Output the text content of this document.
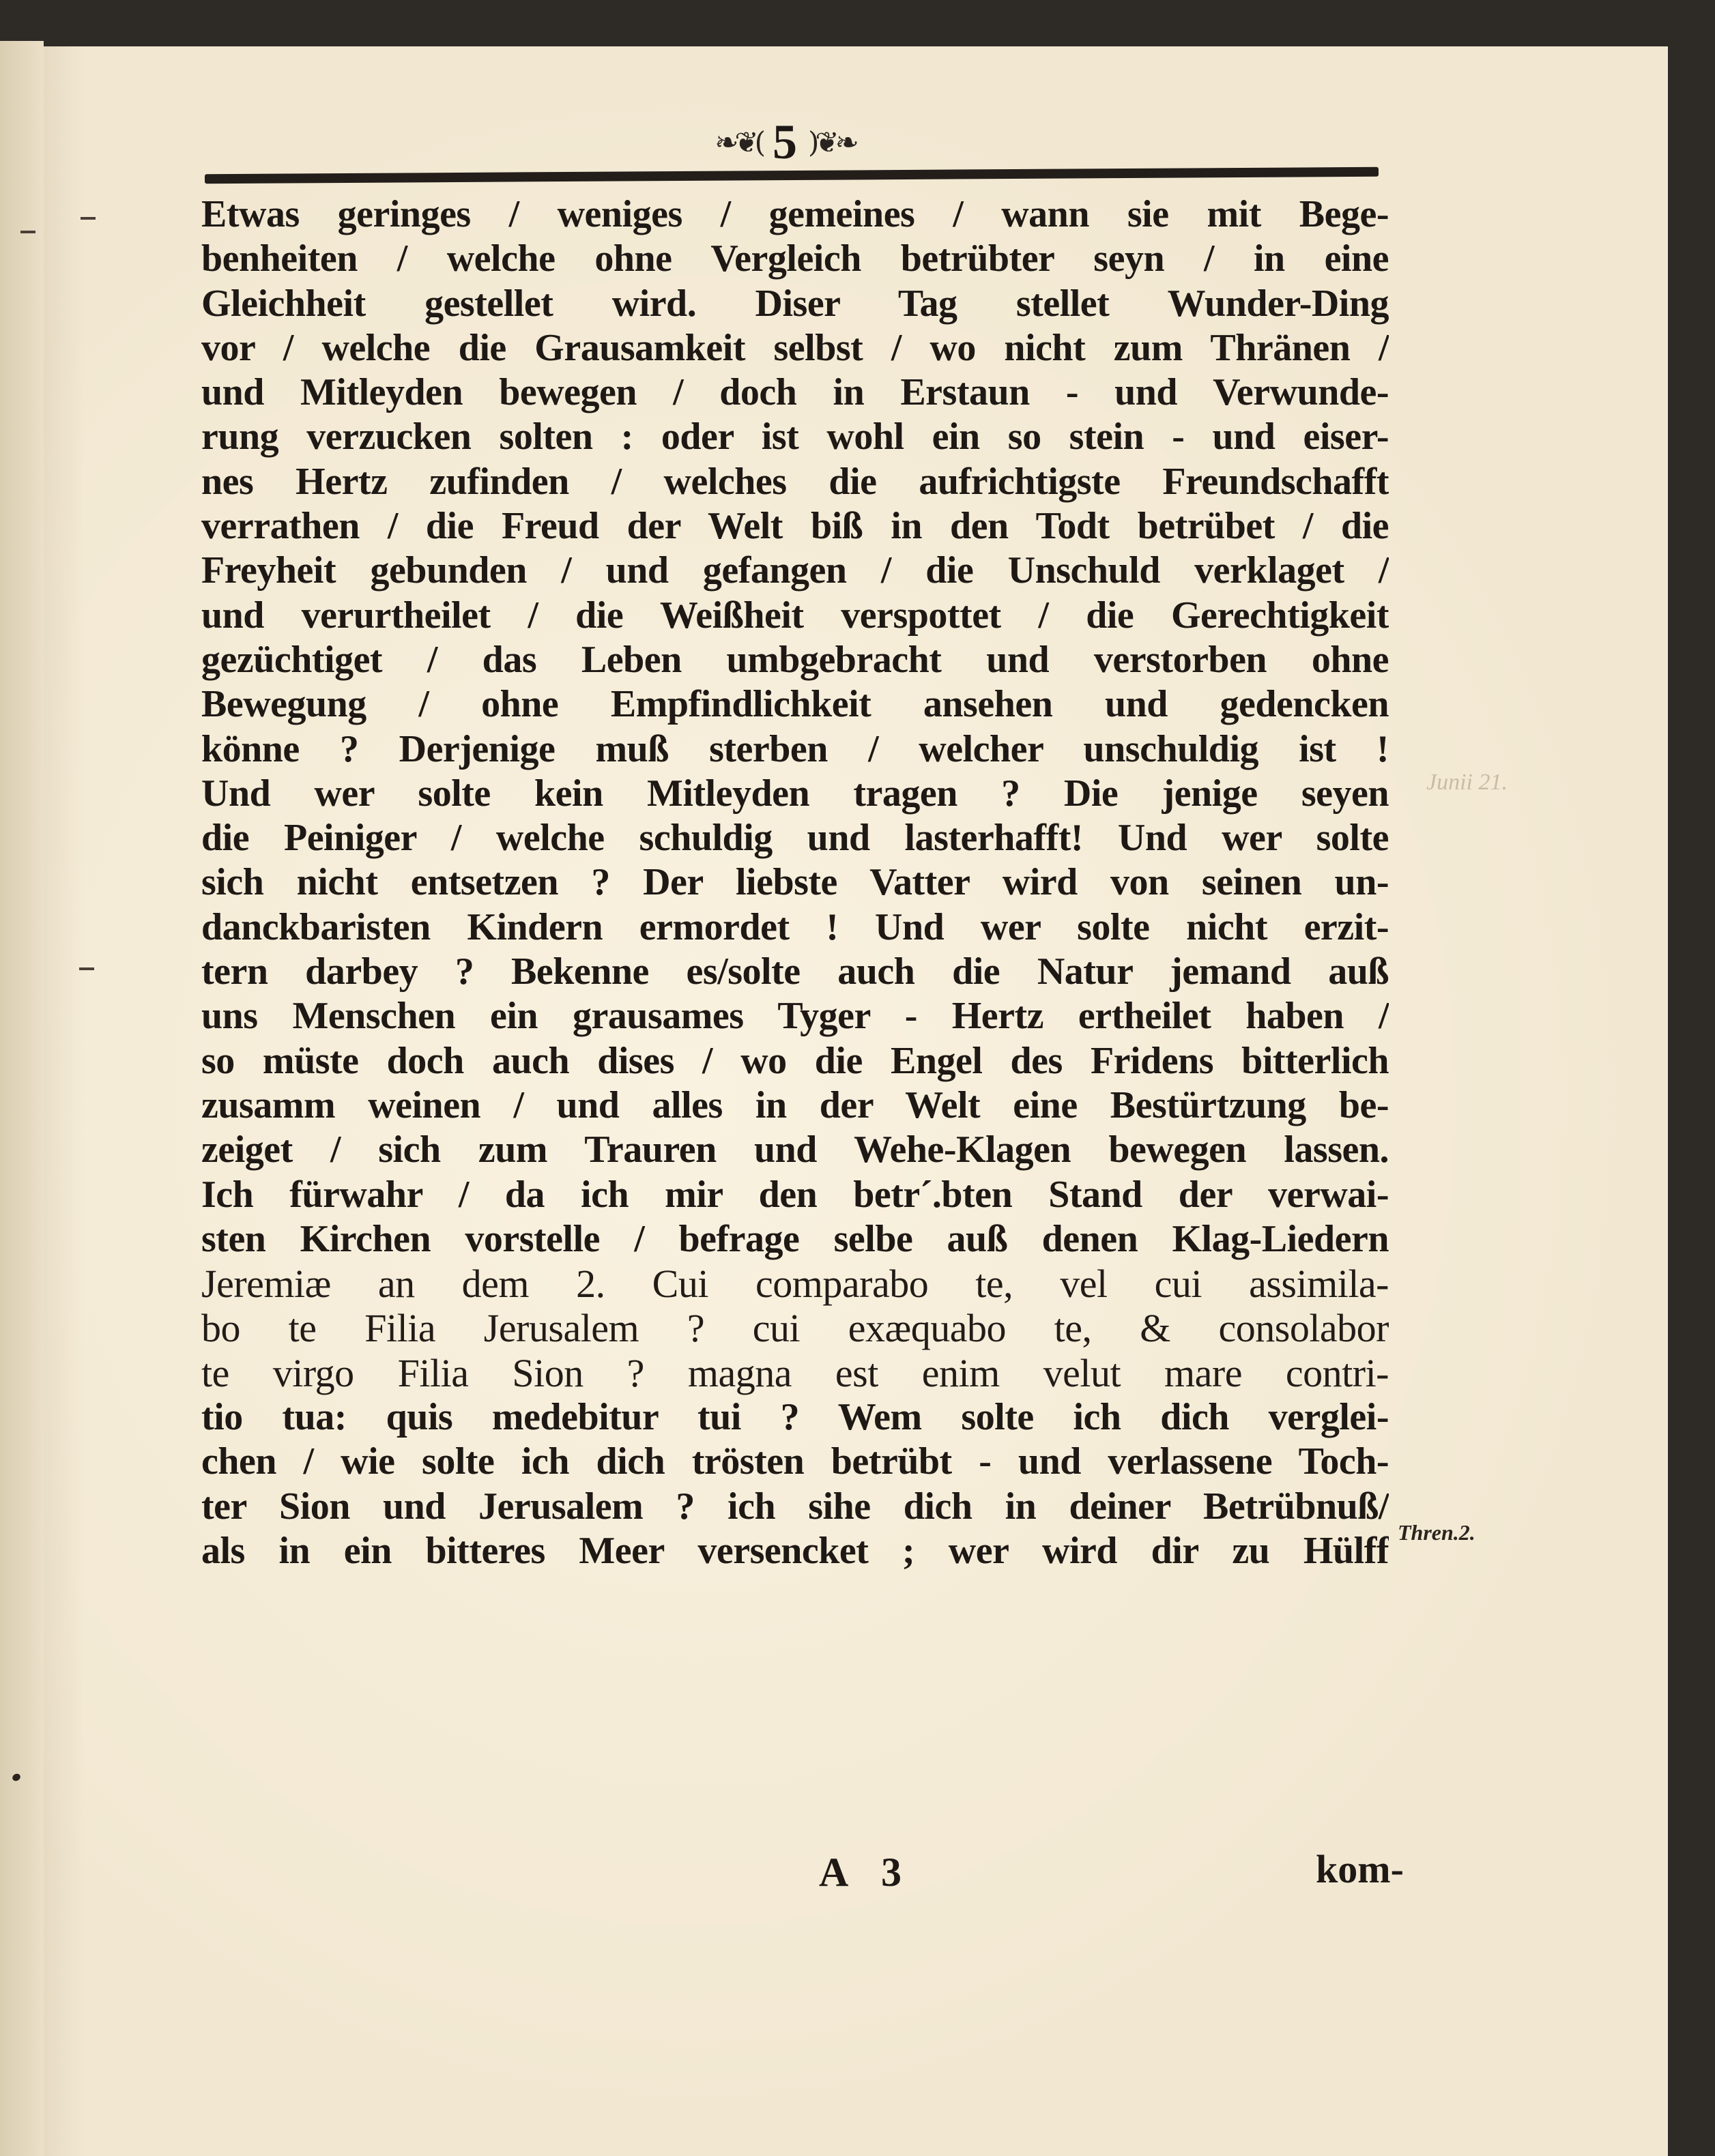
❧❦( 5 )❦❧
Etwas geringes / weniges / gemeines / wann sie mit Bege-
benheiten / welche ohne Vergleich betrübter seyn / in eine
Gleichheit gestellet wird. Diser Tag stellet Wunder-Ding
vor / welche die Grausamkeit selbst / wo nicht zum Thränen /
und Mitleyden bewegen / doch in Erstaun - und Verwunde-
rung verzucken solten : oder ist wohl ein so stein - und eiser-
nes Hertz zufinden / welches die aufrichtigste Freundschafft
verrathen / die Freud der Welt biß in den Todt betrübet / die
Freyheit gebunden / und gefangen / die Unschuld verklaget /
und verurtheilet / die Weißheit verspottet / die Gerechtigkeit
gezüchtiget / das Leben umbgebracht und verstorben ohne
Bewegung / ohne Empfindlichkeit ansehen und gedencken
könne ? Derjenige muß sterben / welcher unschuldig ist !
Und wer solte kein Mitleyden tragen ? Die jenige seyen
die Peiniger / welche schuldig und lasterhafft! Und wer solte
sich nicht entsetzen ? Der liebste Vatter wird von seinen un-
danckbaristen Kindern ermordet ! Und wer solte nicht erzit-
tern darbey ? Bekenne es/solte auch die Natur jemand auß
uns Menschen ein grausames Tyger - Hertz ertheilet haben /
so müste doch auch dises / wo die Engel des Fridens bitterlich
zusamm weinen / und alles in der Welt eine Bestürtzung be-
zeiget / sich zum Trauren und Wehe-Klagen bewegen lassen.
Ich fürwahr / da ich mir den betr´.bten Stand der verwai-
sten Kirchen vorstelle / befrage selbe auß denen Klag-Liedern
Jeremiæ an dem 2. Cui comparabo te, vel cui assimila-
bo te Filia Jerusalem ? cui exæquabo te, & consolabor
te virgo Filia Sion ? magna est enim velut mare contri-
tio tua: quis medebitur tui ? Wem solte ich dich verglei-
chen / wie solte ich dich trösten betrübt - und verlassene Toch-
ter Sion und Jerusalem ? ich sihe dich in deiner Betrübnuß/
als in ein bitteres Meer versencket ; wer wird dir zu Hülff
Junii 21.
Thren.2.
A 3	kom-
